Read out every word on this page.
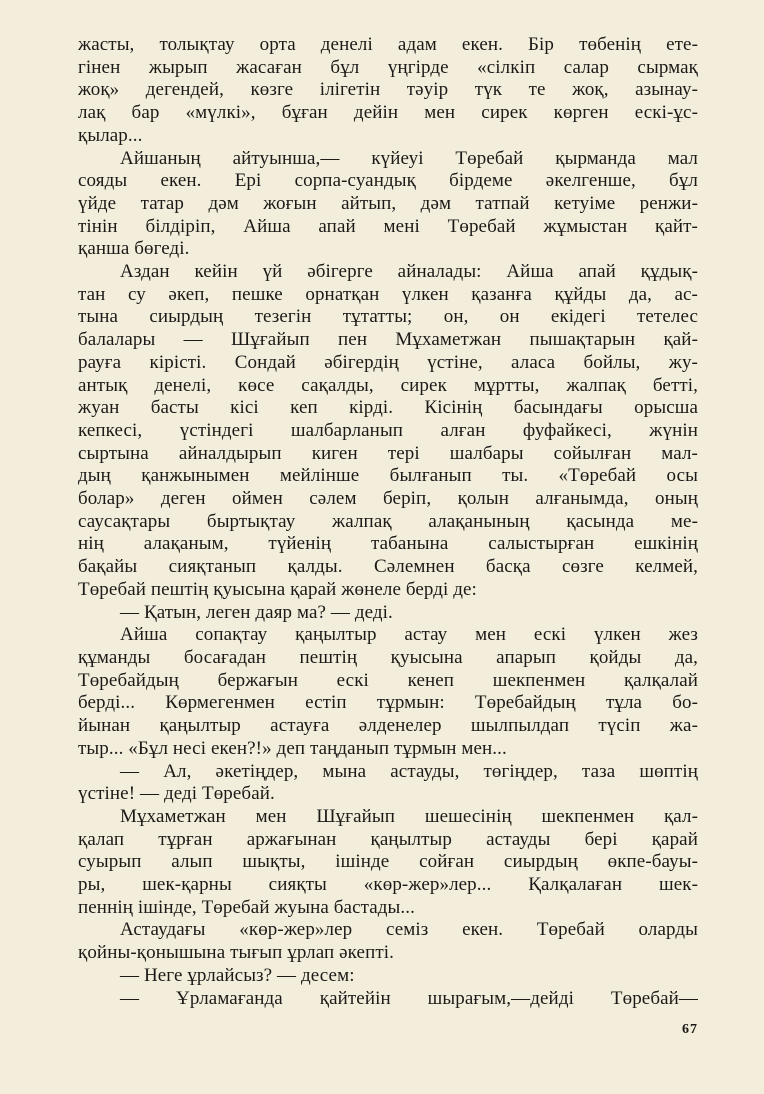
жасты, толықтау орта денелі адам екен. Бір төбенің ете-
гінен жырып жасаған бұл үңгірде «сілкіп салар сырмақ
жоқ» дегендей, көзге ілігетін тәуір түк те жоқ, азынау-
лақ бар «мүлкі», бұған дейін мен сирек көрген ескі-ұс-
қылар...
Айшаның айтуынша,— күйеуі Төребай қырманда мал
сояды екен. Ері сорпа-суандық бірдеме әкелгенше, бұл
үйде татар дәм жоғын айтып, дәм татпай кетуіме ренжи-
тінін білдіріп, Айша апай мені Төребай жұмыстан қайт-
қанша бөгеді.
Аздан кейін үй әбігерге айналады: Айша апай құдық-
тан су әкеп, пешке орнатқан үлкен қазанға құйды да, ас-
тына сиырдың тезегін тұтатты; он, он екідегі тетелес
балалары — Шұғайып пен Мұхаметжан пышақтарын қай-
рауға кірісті. Сондай әбігердің үстіне, аласа бойлы, жу-
антық денелі, көсе сақалды, сирек мұртты, жалпақ бетті,
жуан басты кісі кеп кірді. Кісінің басындағы орысша
кепкесі, үстіндегі шалбарланып алған фуфайкесі, жүнін
сыртына айналдырып киген тері шалбары сойылған мал-
дың қанжынымен мейлінше былғанып ты. «Төребай осы
болар» деген оймен сәлем беріп, қолын алғанымда, оның
саусақтары быртықтау жалпақ алақанының қасында ме-
нің алақаным, түйенің табанына салыстырған ешкінің
бақайы сияқтанып қалды. Сәлемнен басқа сөзге келмей,
Төребай пештің қуысына қарай жөнеле берді де:
— Қатын, леген даяр ма? — деді.
Айша сопақтау қаңылтыр астау мен ескі үлкен жез
құманды босағадан пештің қуысына апарып қойды да,
Төребайдың бержағын ескі кенеп шекпенмен қалқалай
берді... Көрмегенмен естіп тұрмын: Төребайдың тұла бо-
йынан қаңылтыр астауға әлденелер шылпылдап түсіп жа-
тыр... «Бұл несі екен?!» деп таңданып тұрмын мен...
— Ал, әкетіңдер, мына астауды, төгіңдер, таза шөптің
үстіне! — деді Төребай.
Мұхаметжан мен Шұғайып шешесінің шекпенмен қал-
қалап тұрған аржағынан қаңылтыр астауды бері қарай
суырып алып шықты, ішінде сойған сиырдың өкпе-бауы-
ры, шек-қарны сияқты «көр-жер»лер... Қалқалаған шек-
пеннің ішінде, Төребай жуына бастады...
Астаудағы «көр-жер»лер семіз екен. Төребай оларды
қойны-қонышына тығып ұрлап әкепті.
— Неге ұрлайсыз? — десем:
— Ұрламағанда қайтейін шырағым,—дейді Төребай—
67
